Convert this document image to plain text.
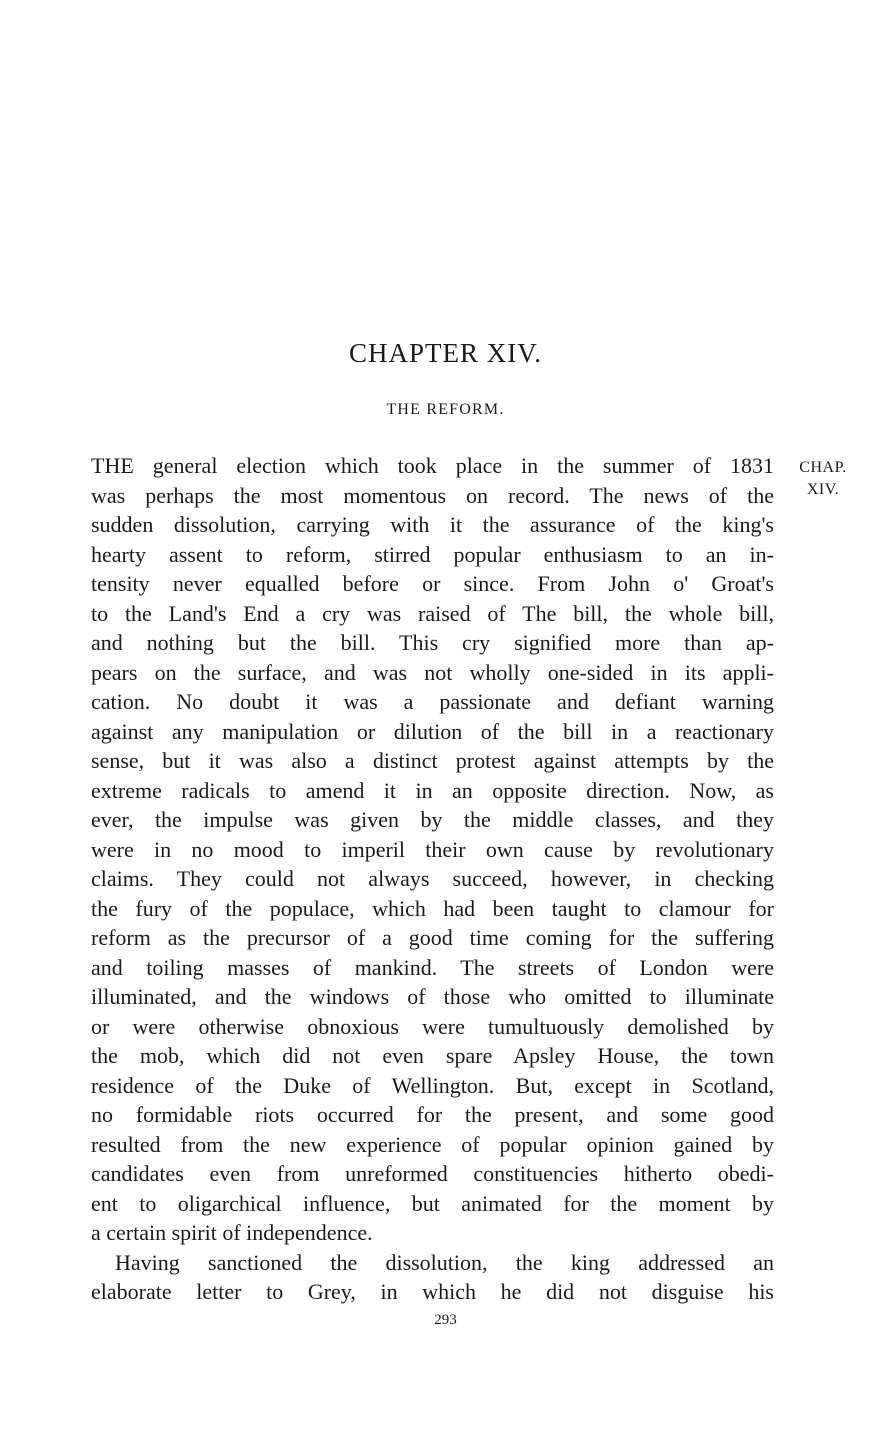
CHAPTER XIV.
THE REFORM.
CHAP.
XIV.
THE general election which took place in the summer of 1831
was perhaps the most momentous on record. The news of the
sudden dissolution, carrying with it the assurance of the king's
hearty assent to reform, stirred popular enthusiasm to an in-
tensity never equalled before or since. From John o' Groat's
to the Land's End a cry was raised of The bill, the whole bill,
and nothing but the bill. This cry signified more than ap-
pears on the surface, and was not wholly one-sided in its appli-
cation. No doubt it was a passionate and defiant warning
against any manipulation or dilution of the bill in a reactionary
sense, but it was also a distinct protest against attempts by the
extreme radicals to amend it in an opposite direction. Now, as
ever, the impulse was given by the middle classes, and they
were in no mood to imperil their own cause by revolutionary
claims. They could not always succeed, however, in checking
the fury of the populace, which had been taught to clamour for
reform as the precursor of a good time coming for the suffering
and toiling masses of mankind. The streets of London were
illuminated, and the windows of those who omitted to illuminate
or were otherwise obnoxious were tumultuously demolished by
the mob, which did not even spare Apsley House, the town
residence of the Duke of Wellington. But, except in Scotland,
no formidable riots occurred for the present, and some good
resulted from the new experience of popular opinion gained by
candidates even from unreformed constituencies hitherto obedi-
ent to oligarchical influence, but animated for the moment by
a certain spirit of independence.
Having sanctioned the dissolution, the king addressed an
elaborate letter to Grey, in which he did not disguise his
293
